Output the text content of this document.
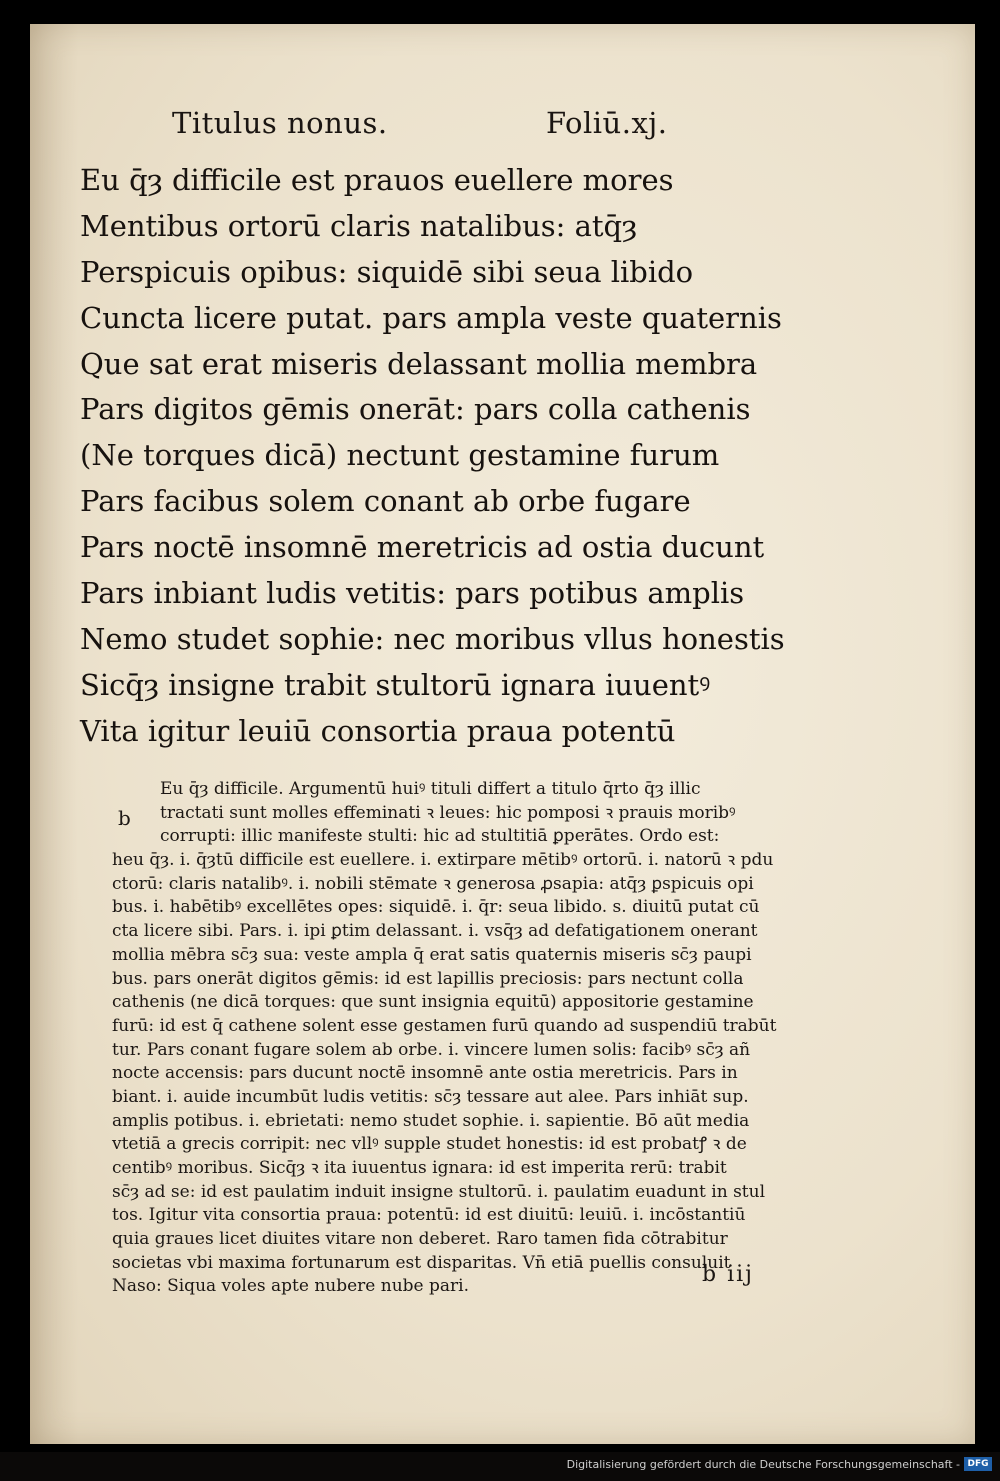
Titulus nonus.	Foliū.xj.
Eu q̄ȝ difficile est prauos euellere mores
Mentibus ortorū claris natalibus: atq̄ȝ
Perspicuis opibus: siquidē sibi seua libido
Cuncta licere putat. pars ampla veste quaternis
Que sat erat miseris delassant mollia membra
Pars digitos gēmis onerāt: pars colla cathenis
(Ne torques dicā) nectunt gestamine furum
Pars facibus solem conant ab orbe fugare
Pars noctē insomnē meretricis ad ostia ducunt
Pars inbiant ludis vetitis: pars potibus amplis
Nemo studet sophie: nec moribus vllus honestis
Sicq̄ȝ insigne trabit stultorū ignara iuuentꝰ
Vita igitur leuiū consortia praua potentū
b
Eu q̄ȝ difficile. Argumentū huiꝰ tituli differt a titulo q̄rto q̄ȝ illic
tractati sunt molles effeminati ꝛ leues: hic pomposi ꝛ prauis moribꝰ
corrupti: illic manifeste stulti: hic ad stultitiā ꝑperātes. Ordo est:
heu q̄ȝ. i. q̄ȝtū difficile est euellere. i. extirpare mētibꝰ ortorū. i. natorū ꝛ pdu
ctorū: claris natalibꝰ. i. nobili stēmate ꝛ generosa ꝓsapia: atq̄ȝ ꝑspicuis opi
bus. i. habētibꝰ excellētes opes: siquidē. i. q̄r: seua libido. s. diuitū putat cū
cta licere sibi. Pars. i. ipi ꝑtim delassant. i. vsq̄ȝ ad defatigationem onerant
mollia mēbra sc̄ȝ sua: veste ampla q̄ erat satis quaternis miseris sc̄ȝ paupi
bus. pars onerāt digitos gēmis: id est lapillis preciosis: pars nectunt colla
cathenis (ne dicā torques: que sunt insignia equitū) appositorie gestamine
furū: id est q̄ cathene solent esse gestamen furū quando ad suspendiū trabūt
tur. Pars conant fugare solem ab orbe. i. vincere lumen solis: facibꝰ sc̄ȝ añ
nocte accensis: pars ducunt noctē insomnē ante ostia meretricis. Pars in
biant. i. auide incumbūt ludis vetitis: sc̄ȝ tessare aut alee. Pars inhiāt sup.
amplis potibus. i. ebrietati: nemo studet sophie. i. sapientie. Bō aūt media
vtetiā a grecis corripit: nec vllꝰ supple studet honestis: id est probatꝭ ꝛ de
centibꝰ moribus. Sicq̄ȝ ꝛ ita iuuentus ignara: id est imperita rerū: trabit
sc̄ȝ ad se: id est paulatim induit insigne stultorū. i. paulatim euadunt in stul
tos. Igitur vita consortia praua: potentū: id est diuitū: leuiū. i. incōstantiū
quia graues licet diuites vitare non deberet. Raro tamen fida cōtrabitur
societas vbi maxima fortunarum est disparitas. Vn̄ etiā puellis consuluit
Naso: Siqua voles apte nubere nube pari.	b iij
Digitalisierung gefördert durch die Deutsche Forschungsgemeinschaft - DFG
